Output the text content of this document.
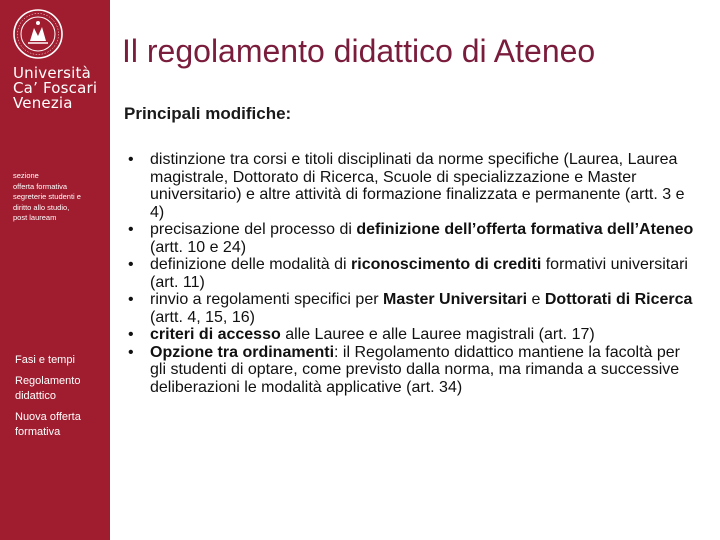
Università
Ca’ Foscari
Venezia
sezione
offerta formativa
segreterie studenti e
diritto allo studio,
post lauream
Fasi e tempi
Regolamento
didattico
Nuova offerta
formativa
Il regolamento didattico di Ateneo
Principali modifiche:
• distinzione tra corsi e titoli disciplinati da norme specifiche (Laurea, Laurea magistrale, Dottorato di Ricerca, Scuole di specializzazione e Master universitario) e altre attività di formazione finalizzata e permanente (artt. 3 e 4)
• precisazione del processo di definizione dell’offerta formativa dell’Ateneo (artt. 10 e 24)
• definizione delle modalità di riconoscimento di crediti formativi universitari (art. 11)
• rinvio a regolamenti specifici per Master Universitari e Dottorati di Ricerca (artt. 4, 15, 16)
• criteri di accesso alle Lauree e alle Lauree magistrali (art. 17)
• Opzione tra ordinamenti: il Regolamento didattico mantiene la facoltà per gli studenti di optare, come previsto dalla norma, ma rimanda a successive deliberazioni le modalità applicative (art. 34)
